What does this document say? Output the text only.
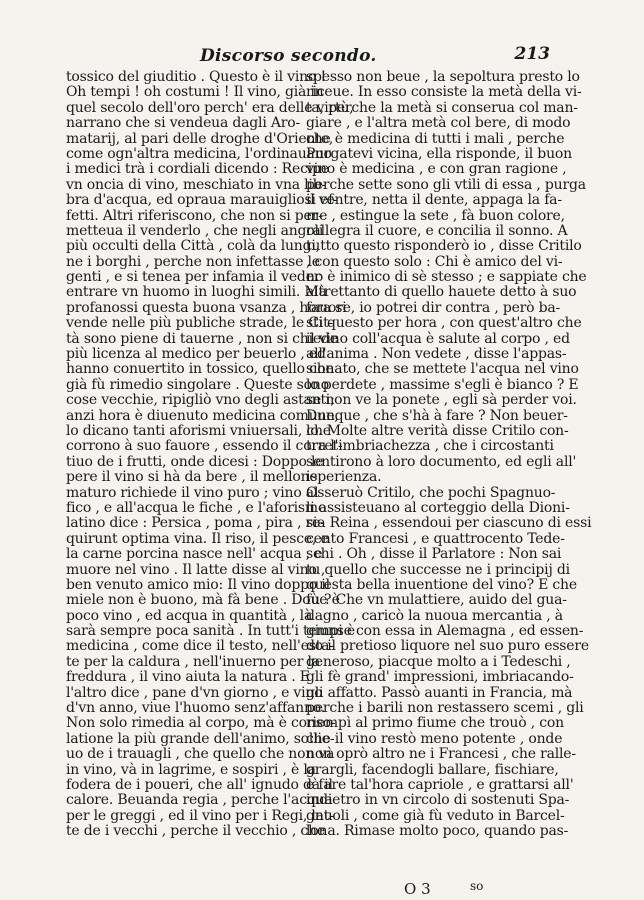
Discorso secondo.	213
tossico del giuditio . Questo è il vino !
Oh tempi ! oh costumi ! Il vino, già in
quel secolo dell'oro perch' era delle virtù,
narrano che si vendeua dagli Aro-
matarij, al pari delle droghe d'Oriente,
come ogn'altra medicina, l'ordinauano
i medici trà i cordiali dicendo : Recipe
vn oncia di vino, meschiato in vna lib-
bra d'acqua, ed opraua marauigliosi ef-
fetti. Altri riferiscono, che non si per-
metteua il venderlo , che negli angoli
più occulti della Città , colà da lungi,
ne i borghi , perche non infettasse le
genti , e si tenea per infamia il veder
entrare vn huomo in luoghi simili. Mà
profanossi questa buona vsanza , hora si
vende nelle più publiche strade, le Cit-
tà sono piene di tauerne , non si chiede
più licenza al medico per beuerlo , ed
hanno conuertito in tossico, quello che
già fù rimedio singolare . Queste sono
cose vecchie, ripigliò vno degli astanti;
anzi hora è diuenuto medicina comune,
lo dicano tanti aforismi vniuersali, che
corrono à suo fauore , essendo il corret-
tiuo de i frutti, onde dicesi : Doppo le
pere il vino si hà da bere , il mellone
maturo richiede il vino puro ; vino al
fico , e all'acqua le fiche , e l'aforismo
latino dice : Persica , poma , pira , re-
quirunt optima vina. Il riso, il pesce, e
la carne porcina nasce nell' acqua , e
muore nel vino . Il latte disse al vino ,
ben venuto amico mio: Il vino doppo il
miele non è buono, mà fà bene . Doue è
poco vino , ed acqua in quantità , là
sarà sempre poca sanità . In tutt'i tempi è
medicina , come dice il testo, nell'esta-
te per la caldura , nell'inuerno per la
freddura , il vino aiuta la natura . E
l'altro dice , pane d'vn giorno , e vino
d'vn anno, viue l'huomo senz'affanno.
Non solo rimedia al corpo, mà è conso-
latione la più grande dell'animo, sollie-
uo de i trauagli , che quello che non và
in vino, và in lagrime, e sospiri , è la
fodera de i poueri, che all' ignudo dà il
calore. Beuanda regia , perche l'acqua
per le greggi , ed il vino per i Regi, lat-
te de i vecchi , perche il vecchio , che
spesso non beue , la sepoltura presto lo
riceue. In esso consiste la metà della vi-
ta, perche la metà si conserua col man-
giare , e l'altra metà col bere, di modo
che è medicina di tutti i mali , perche
Purgatevi vicina, ella risponde, il buon
vino è medicina , e con gran ragione ,
perche sette sono gli vtili di essa , purga
il ventre, netta il dente, appaga la fa-
me , estingue la sete , fà buon colore,
rallegra il cuore, e concilia il sonno. A
tutto questo risponderò io , disse Critilo
, con questo solo : Chi è amico del vi-
no è inimico di sè stesso ; e sappiate che
altrettanto di quello hauete detto à suo
fauore, io potrei dir contra , però ba-
sti questo per hora , con quest'altro che
il vino coll'acqua è salute al corpo , ed
all'anima . Non vedete , disse l'appas-
sionato, che se mettete l'acqua nel vino
lo perdete , massime s'egli è bianco ? E
se non ve la ponete , egli sà perder voi.
Dunque , che s'hà à fare ? Non beuer-
lo. Molte altre verità disse Critilo con-
tra l'imbriachezza , che i circostanti
sentirono à loro documento, ed egli all'
isperienza.
Osseruò Critilo, che pochi Spagnuo-
li assisteuano al corteggio della Dioni-
sia Reina , essendoui per ciascuno di essi
cento Francesi , e quattrocento Tede-
schi . Oh , disse il Parlatore : Non sai
tu quello che successe ne i principij di
questa bella inuentione del vino? E che
fù ? Che vn mulattiere, auido del gua-
dagno , caricò la nuoua mercantia , à
giunse con essa in Alemagna , ed essen-
do il pretioso liquore nel suo puro essere
generoso, piacque molto a i Tedeschi ,
gli fè grand' impressioni, imbriacando-
gli affatto. Passò auanti in Francia, mà
perche i barili non restassero scemi , gli
riempì al primo fiume che trouò , con
che il vino restò meno potente , onde
non oprò altro ne i Francesi , che ralle-
grargli, facendogli ballare, fischiare,
e fare tal'hora capriole , e grattarsi all'
indietro in vn circolo di sostenuti Spa-
gnuoli , come già fù veduto in Barcel-
lona. Rimase molto poco, quando pas-
O 3	so
